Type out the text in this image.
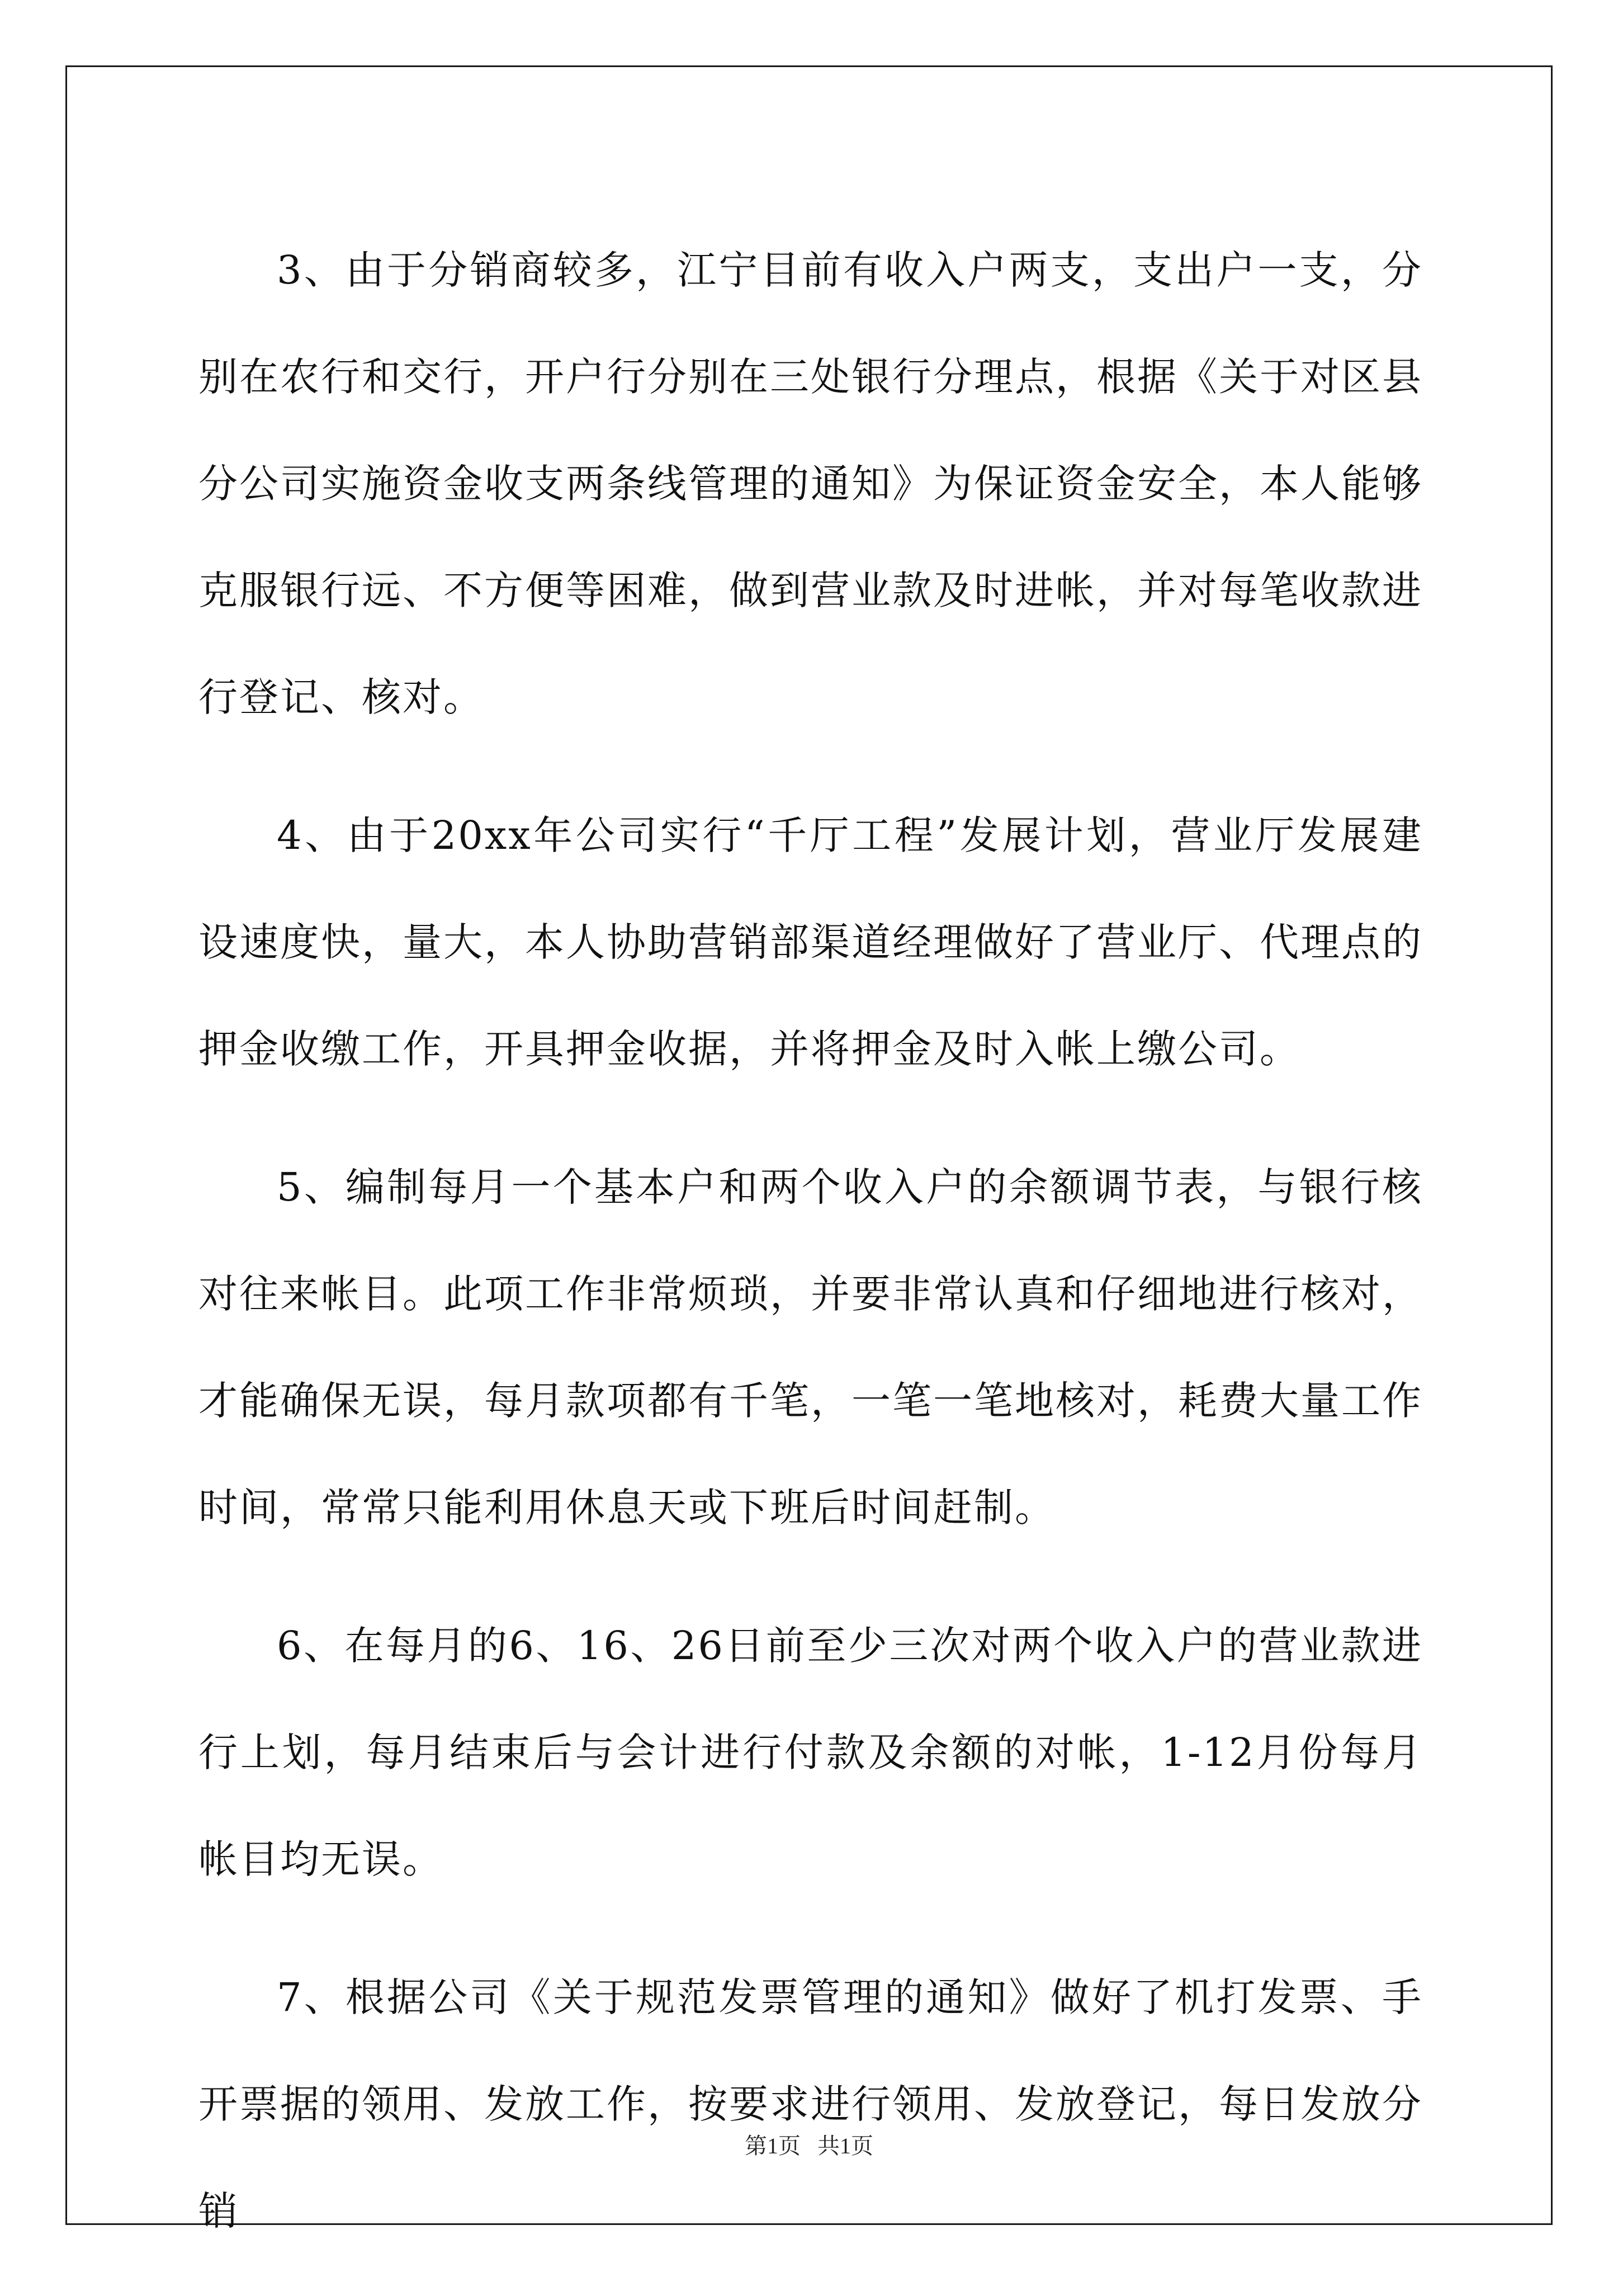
3、由于分销商较多，江宁目前有收入户两支，支出户一支，分别在农行和交行，开户行分别在三处银行分理点，根据《关于对区县分公司实施资金收支两条线管理的通知》为保证资金安全，本人能够克服银行远、不方便等困难，做到营业款及时进帐，并对每笔收款进行登记、核对。

4、由于20xx年公司实行“千厅工程”发展计划，营业厅发展建设速度快，量大，本人协助营销部渠道经理做好了营业厅、代理点的押金收缴工作，开具押金收据，并将押金及时入帐上缴公司。

5、编制每月一个基本户和两个收入户的余额调节表，与银行核对往来帐目。此项工作非常烦琐，并要非常认真和仔细地进行核对，才能确保无误，每月款项都有千笔，一笔一笔地核对，耗费大量工作时间，常常只能利用休息天或下班后时间赶制。

6、在每月的6、16、26日前至少三次对两个收入户的营业款进行上划，每月结束后与会计进行付款及余额的对帐，1-12月份每月帐目均无误。

7、根据公司《关于规范发票管理的通知》做好了机打发票、手开票据的领用、发放工作，按要求进行领用、发放登记，每日发放分销

第1页   共1页
